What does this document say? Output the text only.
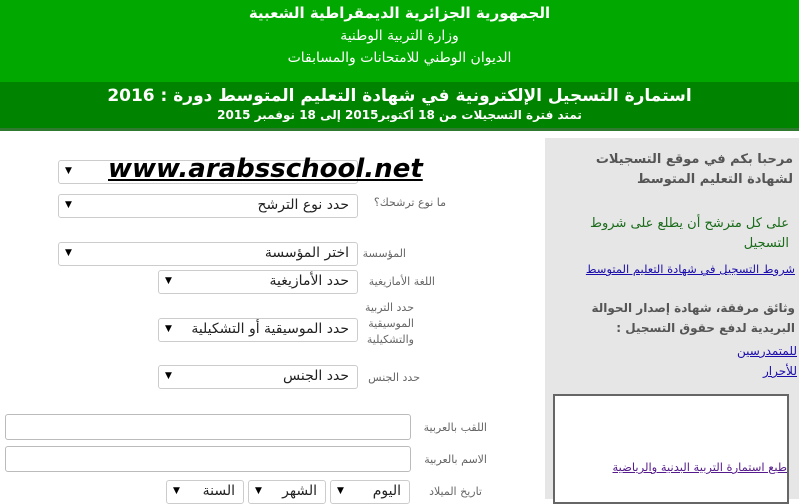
الجمهورية الجزائرية الديمقراطية الشعبية
وزارة التربية الوطنية
الديوان الوطني للامتحانات والمسابقات
استمارة التسجيل الإلكترونية في شهادة التعليم المتوسط دورة : 2016
تمتد فترة التسجيلات من 18 أكتوبر2015 إلى 18 نوفمبر 2015
مرحبا بكم في موقع التسجيلات لشهادة التعليم المتوسط
على كل مترشح أن يطلع على شروط التسجيل
شروط التسجيل في شهادة التعليم المتوسط
وثائق مرفقة، شهادة إصدار الحوالة البريدية لدفع حقوق التسجيل :
للمتمدرسين
للأحرار
طبع استمارة التربية البدنية والرياضية
▼ www.arabsschool.net
ما نوع ترشحك؟
حدد نوع الترشح
▼
المؤسسة
اختر المؤسسة
▼
اللغة الأمازيغية
حدد الأمازيغية
▼
حدد التربية الموسيقية والتشكيلية
حدد الموسيقية أو التشكيلية
▼
حدد الجنس
حدد الجنس
▼
اللقب بالعربية
الاسم بالعربية
تاريخ الميلاد
اليوم
▼
الشهر
▼
السنة
▼
